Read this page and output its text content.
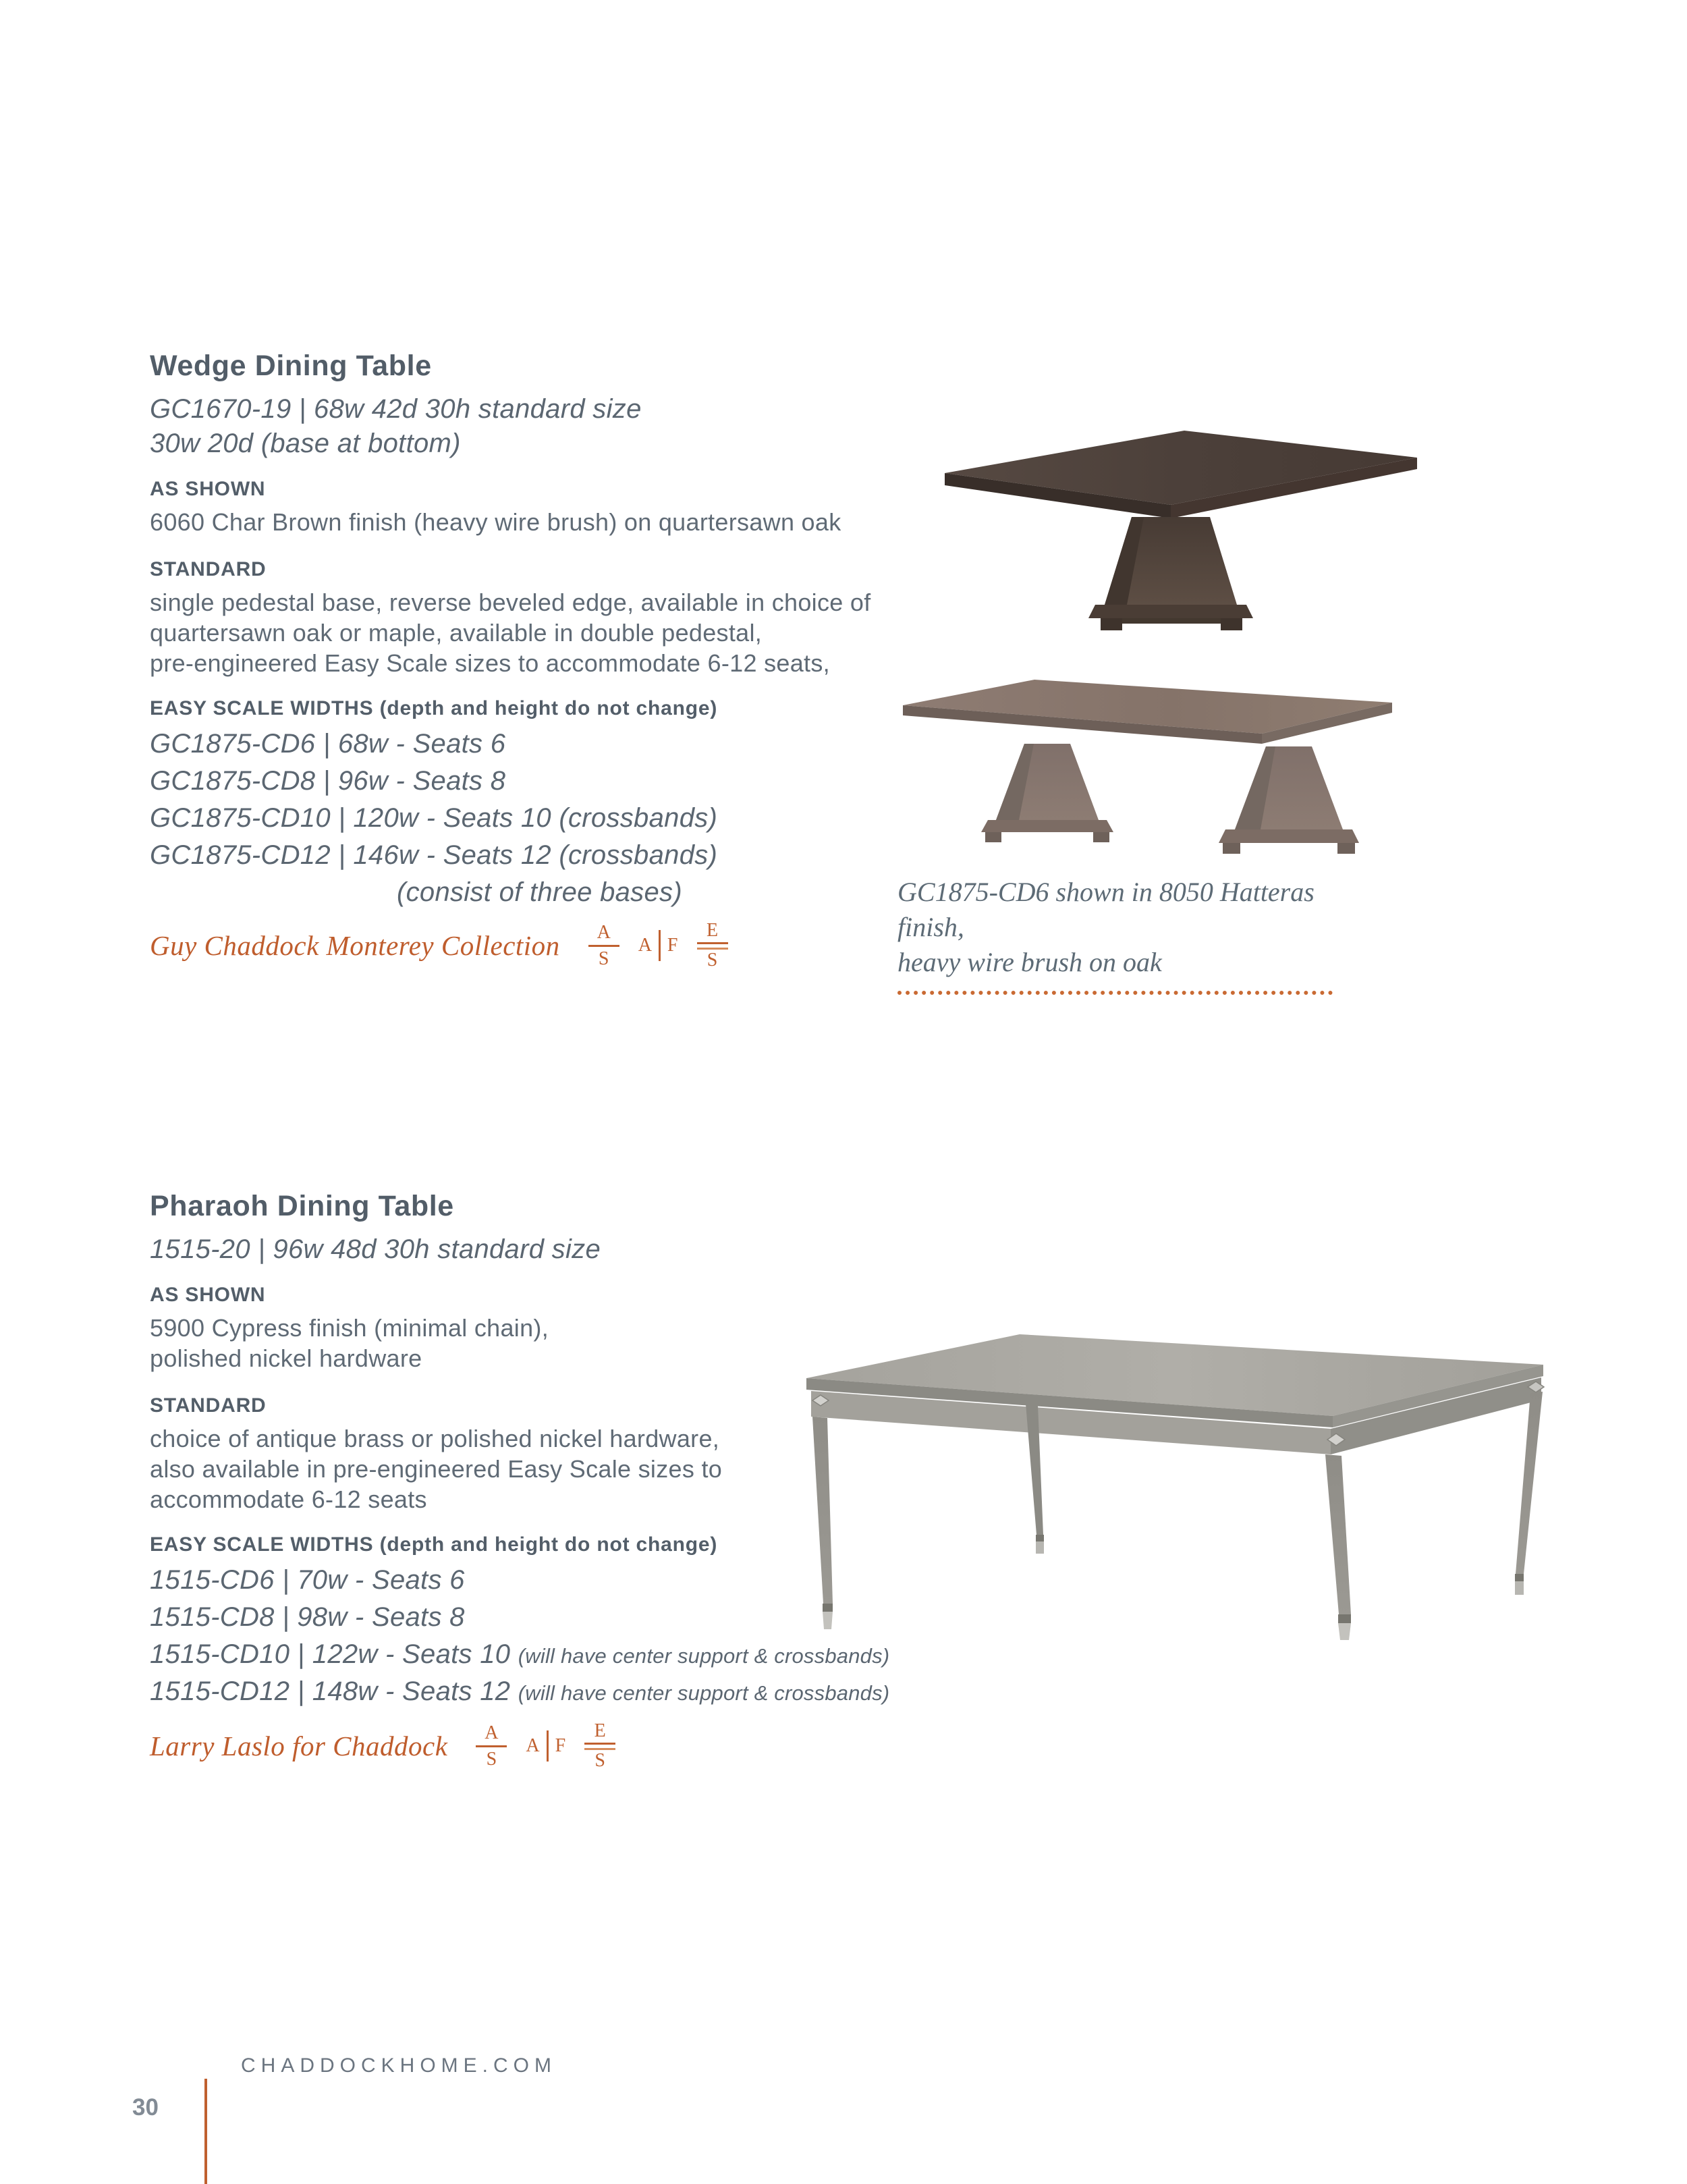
Wedge Dining Table

GC1670-19 | 68w 42d 30h standard size

30w 20d (base at bottom)

AS SHOWN

6060 Char Brown finish (heavy wire brush) on quartersawn oak

STANDARD

single pedestal base, reverse beveled edge, available in choice of

quartersawn oak or maple, available in double pedestal,

pre-engineered Easy Scale sizes to accommodate 6-12 seats,

EASY SCALE WIDTHS (depth and height do not change)

GC1875-CD6 | 68w - Seats 6

GC1875-CD8 | 96w - Seats 8

GC1875-CD10 | 120w - Seats 10 (crossbands)

GC1875-CD12 | 146w - Seats 12 (crossbands)

(consist of three bases)

Guy Chaddock Monterey Collection $\frac{A}{S}$ A F $\frac{E}{S}$

GC1875-CD6 shown in 8050 Hatteras finish,

heavy wire brush on oak

Pharaoh Dining Table

1515-20 | 96w 48d 30h standard size

AS SHOWN

5900 Cypress finish (minimal chain),

polished nickel hardware

STANDARD

choice of antique brass or polished nickel hardware,

also available in pre-engineered Easy Scale sizes to

accommodate 6-12 seats

EASY SCALE WIDTHS (depth and height do not change)

1515-CD6 | 70w - Seats 6

1515-CD8 | 98w - Seats 8

1515-CD10 | 122w - Seats 10 (will have center support & crossbands)

1515-CD12 | 148w - Seats 12 (will have center support & crossbands)

Larry Laslo for Chaddock $\frac{A}{S}$ A F $\frac{E}{S}$
CHADDOCKHOME.COM
30
